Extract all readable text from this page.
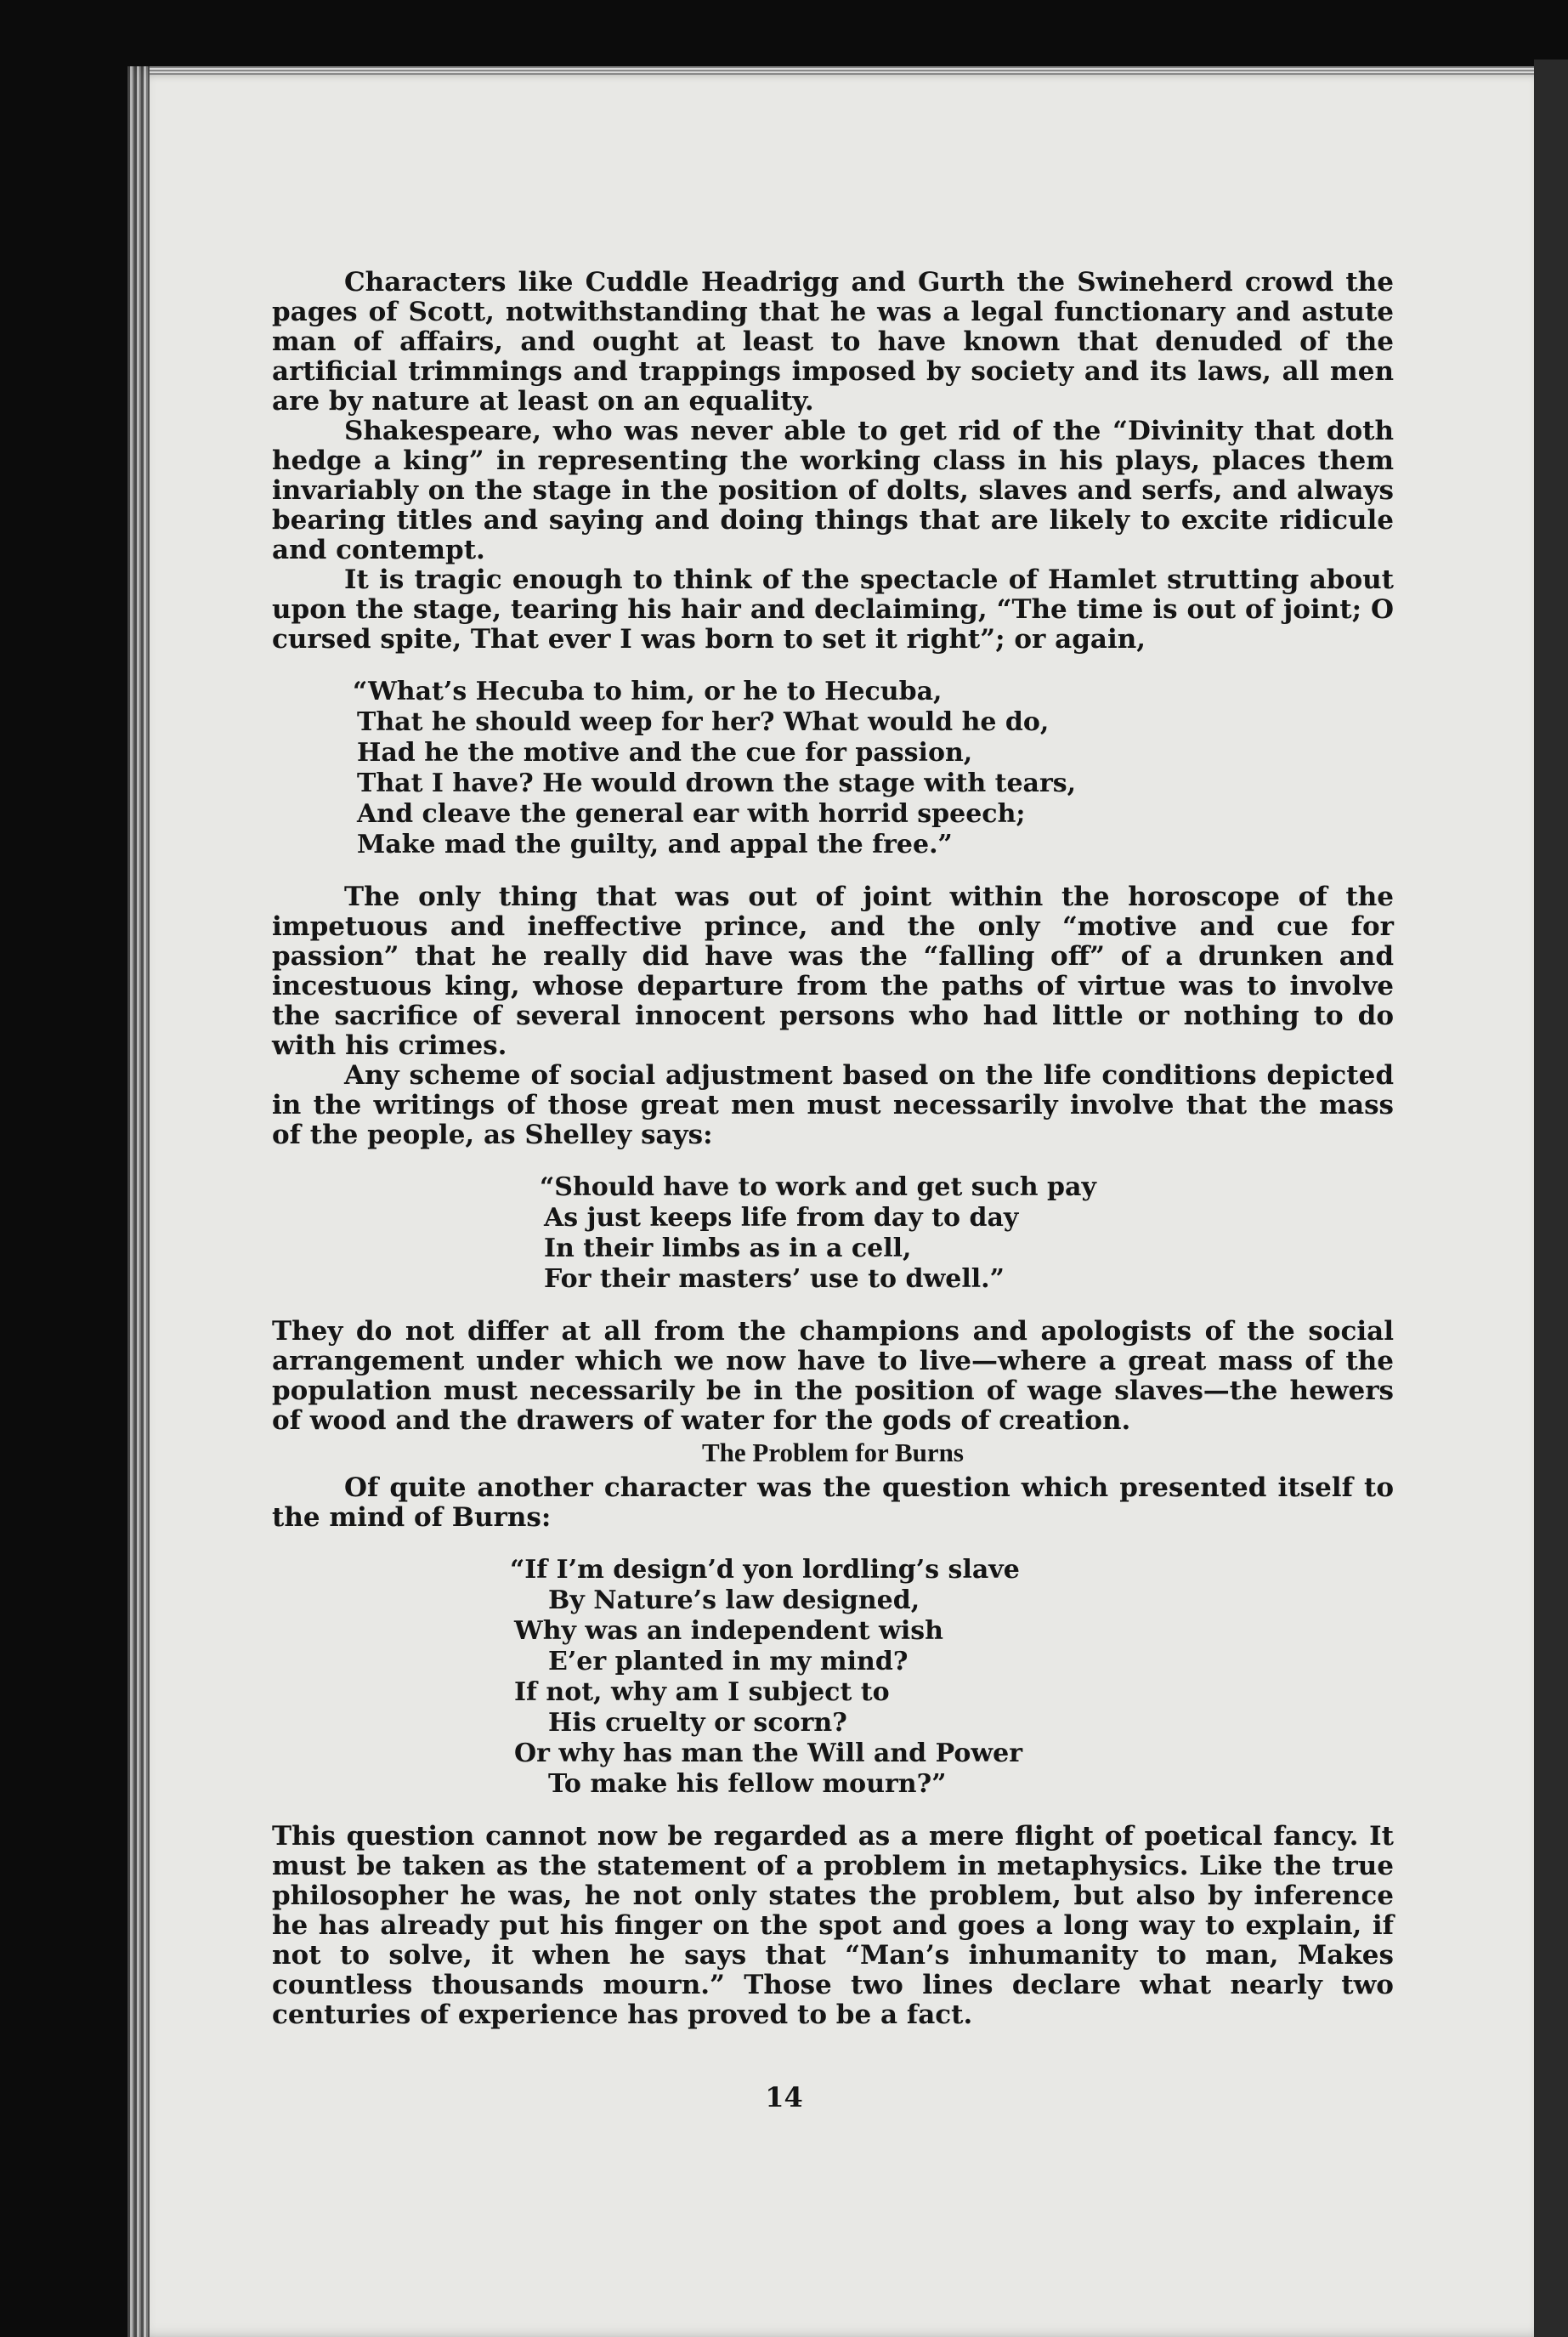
Characters like Cuddle Headrigg and Gurth the Swineherd crowd the pages of Scott, notwithstanding that he was a legal functionary and astute man of affairs, and ought at least to have known that denuded of the artificial trimmings and trappings imposed by society and its laws, all men are by nature at least on an equality.

Shakespeare, who was never able to get rid of the “Divinity that doth hedge a king” in representing the working class in his plays, places them invariably on the stage in the position of dolts, slaves and serfs, and always bearing titles and saying and doing things that are likely to excite ridicule and contempt.

It is tragic enough to think of the spectacle of Hamlet strutting about upon the stage, tearing his hair and declaiming, “The time is out of joint; O cursed spite, That ever I was born to set it right”; or again,

“What’s Hecuba to him, or he to Hecuba,
That he should weep for her? What would he do,
Had he the motive and the cue for passion,
That I have? He would drown the stage with tears,
And cleave the general ear with horrid speech;
Make mad the guilty, and appal the free.”

The only thing that was out of joint within the horoscope of the impetuous and ineffective prince, and the only “motive and cue for passion” that he really did have was the “falling off” of a drunken and incestuous king, whose departure from the paths of virtue was to involve the sacrifice of several innocent persons who had little or nothing to do with his crimes.

Any scheme of social adjustment based on the life conditions depicted in the writings of those great men must necessarily involve that the mass of the people, as Shelley says:

“Should have to work and get such pay
As just keeps life from day to day
In their limbs as in a cell,
For their masters’ use to dwell.”

They do not differ at all from the champions and apologists of the social arrangement under which we now have to live—where a great mass of the population must necessarily be in the position of wage slaves—the hewers of wood and the drawers of water for the gods of creation.

The Problem for Burns

Of quite another character was the question which presented itself to the mind of Burns:

“If I’m design’d yon lordling’s slave
By Nature’s law designed,
Why was an independent wish
E’er planted in my mind?
If not, why am I subject to
His cruelty or scorn?
Or why has man the Will and Power
To make his fellow mourn?”

This question cannot now be regarded as a mere flight of poetical fancy. It must be taken as the statement of a problem in metaphysics. Like the true philosopher he was, he not only states the problem, but also by inference he has already put his finger on the spot and goes a long way to explain, if not to solve, it when he says that “Man’s inhumanity to man, Makes countless thousands mourn.” Those two lines declare what nearly two centuries of experience has proved to be a fact.

14
